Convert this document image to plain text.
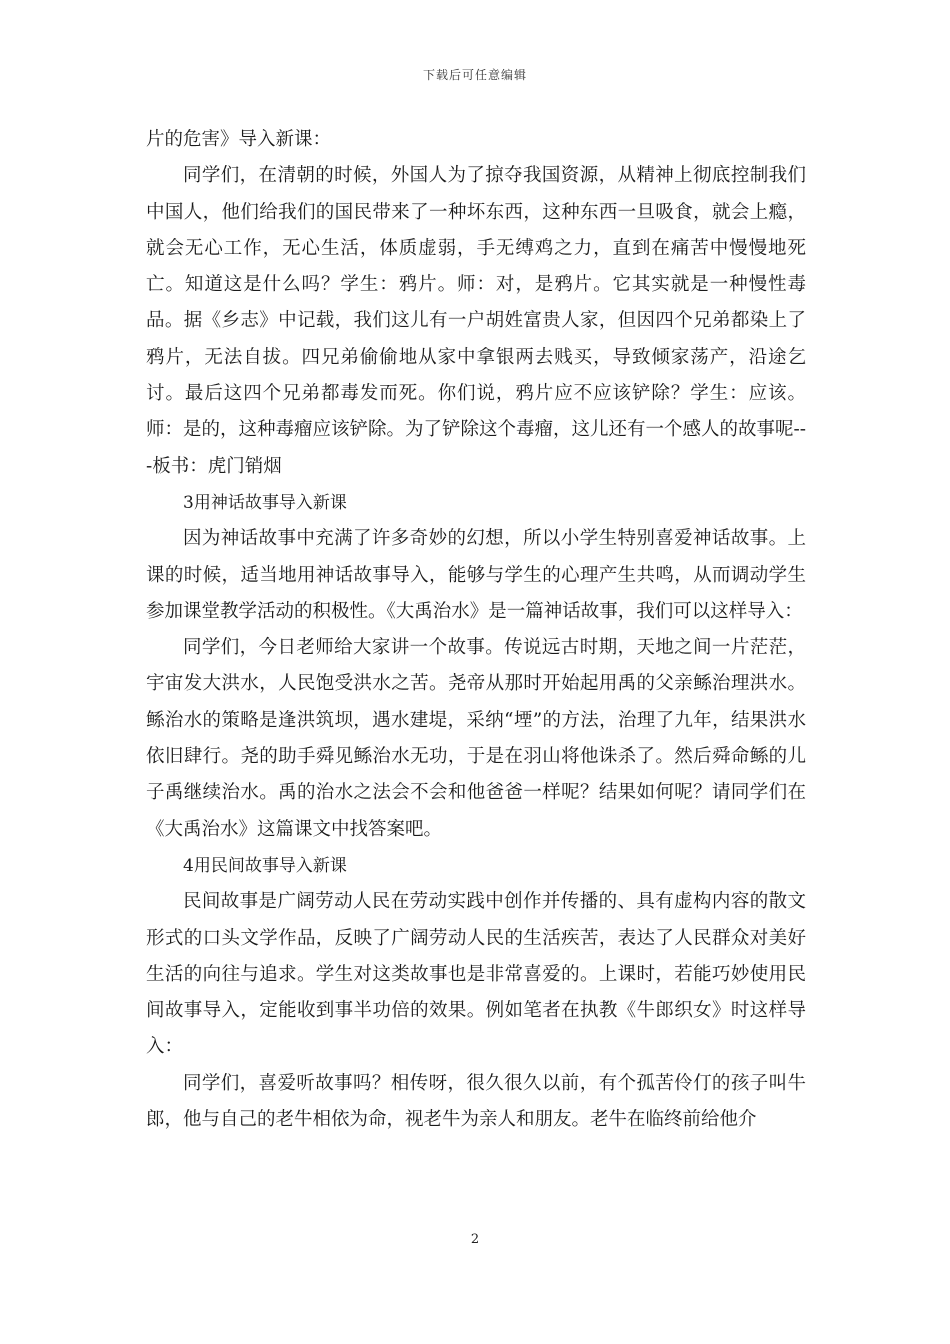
下载后可任意编辑

片的危害》导入新课：

同学们，在清朝的时候，外国人为了掠夺我国资源，从精神上彻底控制我们中国人，他们给我们的国民带来了一种坏东西，这种东西一旦吸食，就会上瘾，就会无心工作，无心生活，体质虚弱，手无缚鸡之力，直到在痛苦中慢慢地死亡。知道这是什么吗？学生：鸦片。师：对，是鸦片。它其实就是一种慢性毒品。据《乡志》中记载，我们这儿有一户胡姓富贵人家，但因四个兄弟都染上了鸦片，无法自拔。四兄弟偷偷地从家中拿银两去贱买，导致倾家荡产，沿途乞讨。最后这四个兄弟都毒发而死。你们说，鸦片应不应该铲除？学生：应该。师：是的，这种毒瘤应该铲除。为了铲除这个毒瘤，这儿还有一个感人的故事呢---板书：虎门销烟

3用神话故事导入新课

因为神话故事中充满了许多奇妙的幻想，所以小学生特别喜爱神话故事。上课的时候，适当地用神话故事导入，能够与学生的心理产生共鸣，从而调动学生参加课堂教学活动的积极性。《大禹治水》是一篇神话故事，我们可以这样导入：

同学们，今日老师给大家讲一个故事。传说远古时期，天地之间一片茫茫，宇宙发大洪水，人民饱受洪水之苦。尧帝从那时开始起用禹的父亲鲧治理洪水。鲧治水的策略是逢洪筑坝，遇水建堤，采纳“堙”的方法，治理了九年，结果洪水依旧肆行。尧的助手舜见鲧治水无功，于是在羽山将他诛杀了。然后舜命鲧的儿子禹继续治水。禹的治水之法会不会和他爸爸一样呢？结果如何呢？请同学们在《大禹治水》这篇课文中找答案吧。

4用民间故事导入新课

民间故事是广阔劳动人民在劳动实践中创作并传播的、具有虚构内容的散文形式的口头文学作品，反映了广阔劳动人民的生活疾苦，表达了人民群众对美好生活的向往与追求。学生对这类故事也是非常喜爱的。上课时，若能巧妙使用民间故事导入，定能收到事半功倍的效果。例如笔者在执教《牛郎织女》时这样导入：

同学们，喜爱听故事吗？相传呀，很久很久以前，有个孤苦伶仃的孩子叫牛郎，他与自己的老牛相依为命，视老牛为亲人和朋友。老牛在临终前给他介

2
